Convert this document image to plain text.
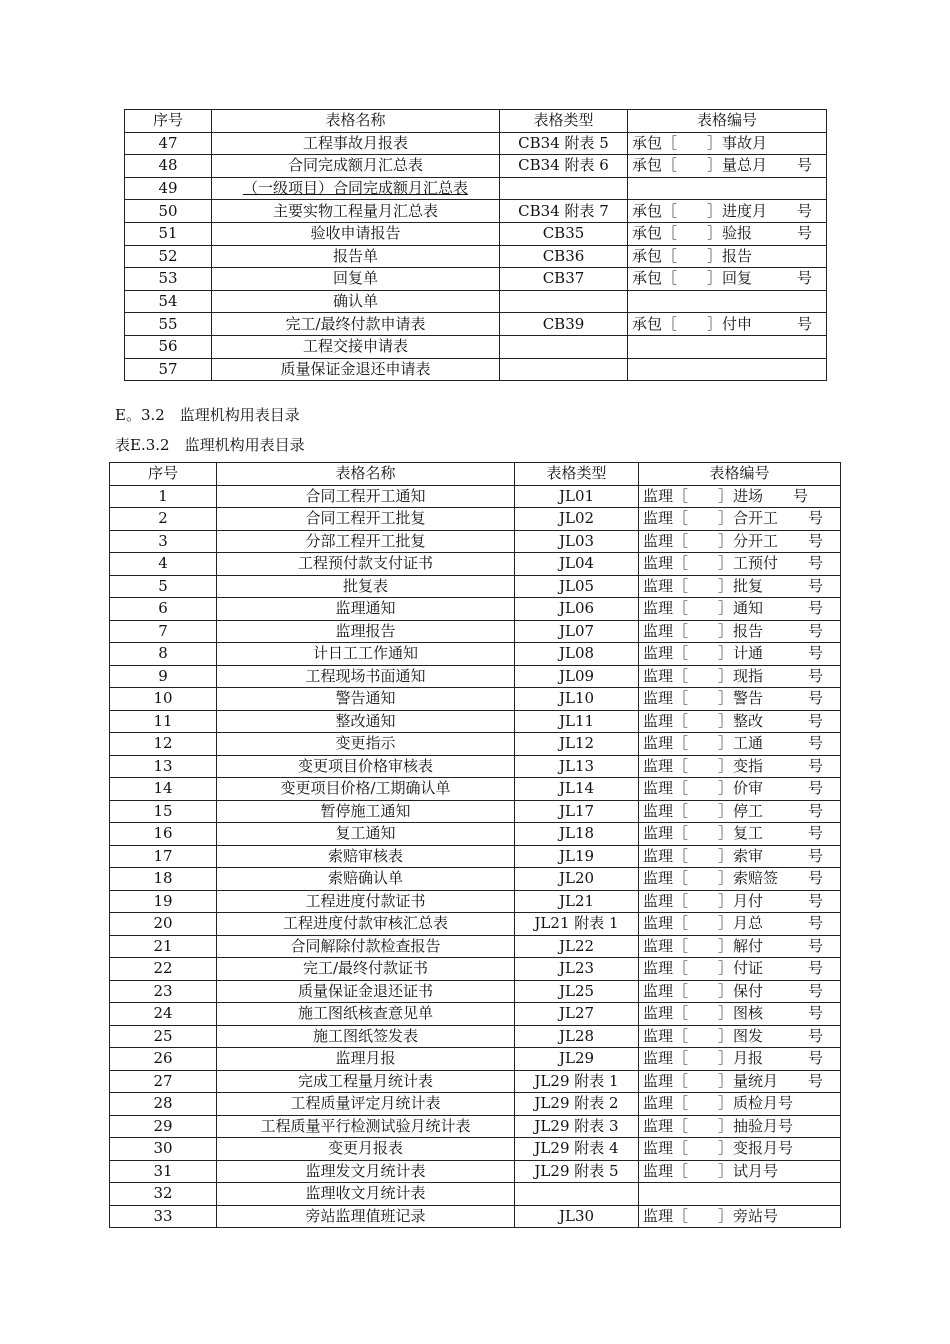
序号	表格名称	表格类型	表格编号
47	工程事故月报表	CB34 附表 5	承包［　　］事故月
48	合同完成额月汇总表	CB34 附表 6	承包［　　］量总月　　号
49	（一级项目）合同完成额月汇总表		
50	主要实物工程量月汇总表	CB34 附表 7	承包［　　］进度月　　号
51	验收申请报告	CB35	承包［　　］验报　　　号
52	报告单	CB36	承包［　　］报告
53	回复单	CB37	承包［　　］回复　　　号
54	确认单		
55	完工/最终付款申请表	CB39	承包［　　］付申　　　号
56	工程交接申请表		
57	质量保证金退还申请表		
E。3.2　监理机构用表目录
表E.3.2　监理机构用表目录
序号	表格名称	表格类型	表格编号
1	合同工程开工通知	JL01	监理［　　］进场　　号
2	合同工程开工批复	JL02	监理［　　］合开工　　号
3	分部工程开工批复	JL03	监理［　　］分开工　　号
4	工程预付款支付证书	JL04	监理［　　］工预付　　号
5	批复表	JL05	监理［　　］批复　　　号
6	监理通知	JL06	监理［　　］通知　　　号
7	监理报告	JL07	监理［　　］报告　　　号
8	计日工工作通知	JL08	监理［　　］计通　　　号
9	工程现场书面通知	JL09	监理［　　］现指　　　号
10	警告通知	JL10	监理［　　］警告　　　号
11	整改通知	JL11	监理［　　］整改　　　号
12	变更指示	JL12	监理［　　］工通　　　号
13	变更项目价格审核表	JL13	监理［　　］变指　　　号
14	变更项目价格/工期确认单	JL14	监理［　　］价审　　　号
15	暂停施工通知	JL17	监理［　　］停工　　　号
16	复工通知	JL18	监理［　　］复工　　　号
17	索赔审核表	JL19	监理［　　］索审　　　号
18	索赔确认单	JL20	监理［　　］索赔签　　号
19	工程进度付款证书	JL21	监理［　　］月付　　　号
20	工程进度付款审核汇总表	JL21 附表 1	监理［　　］月总　　　号
21	合同解除付款检查报告	JL22	监理［　　］解付　　　号
22	完工/最终付款证书	JL23	监理［　　］付证　　　号
23	质量保证金退还证书	JL25	监理［　　］保付　　　号
24	施工图纸核查意见单	JL27	监理［　　］图核　　　号
25	施工图纸签发表	JL28	监理［　　］图发　　　号
26	监理月报	JL29	监理［　　］月报　　　号
27	完成工程量月统计表	JL29 附表 1	监理［　　］量统月　　号
28	工程质量评定月统计表	JL29 附表 2	监理［　　］质检月号
29	工程质量平行检测试验月统计表	JL29 附表 3	监理［　　］抽验月号
30	变更月报表	JL29 附表 4	监理［　　］变报月号
31	监理发文月统计表	JL29 附表 5	监理［　　］试月号
32	监理收文月统计表		
33	旁站监理值班记录	JL30	监理［　　］旁站号
